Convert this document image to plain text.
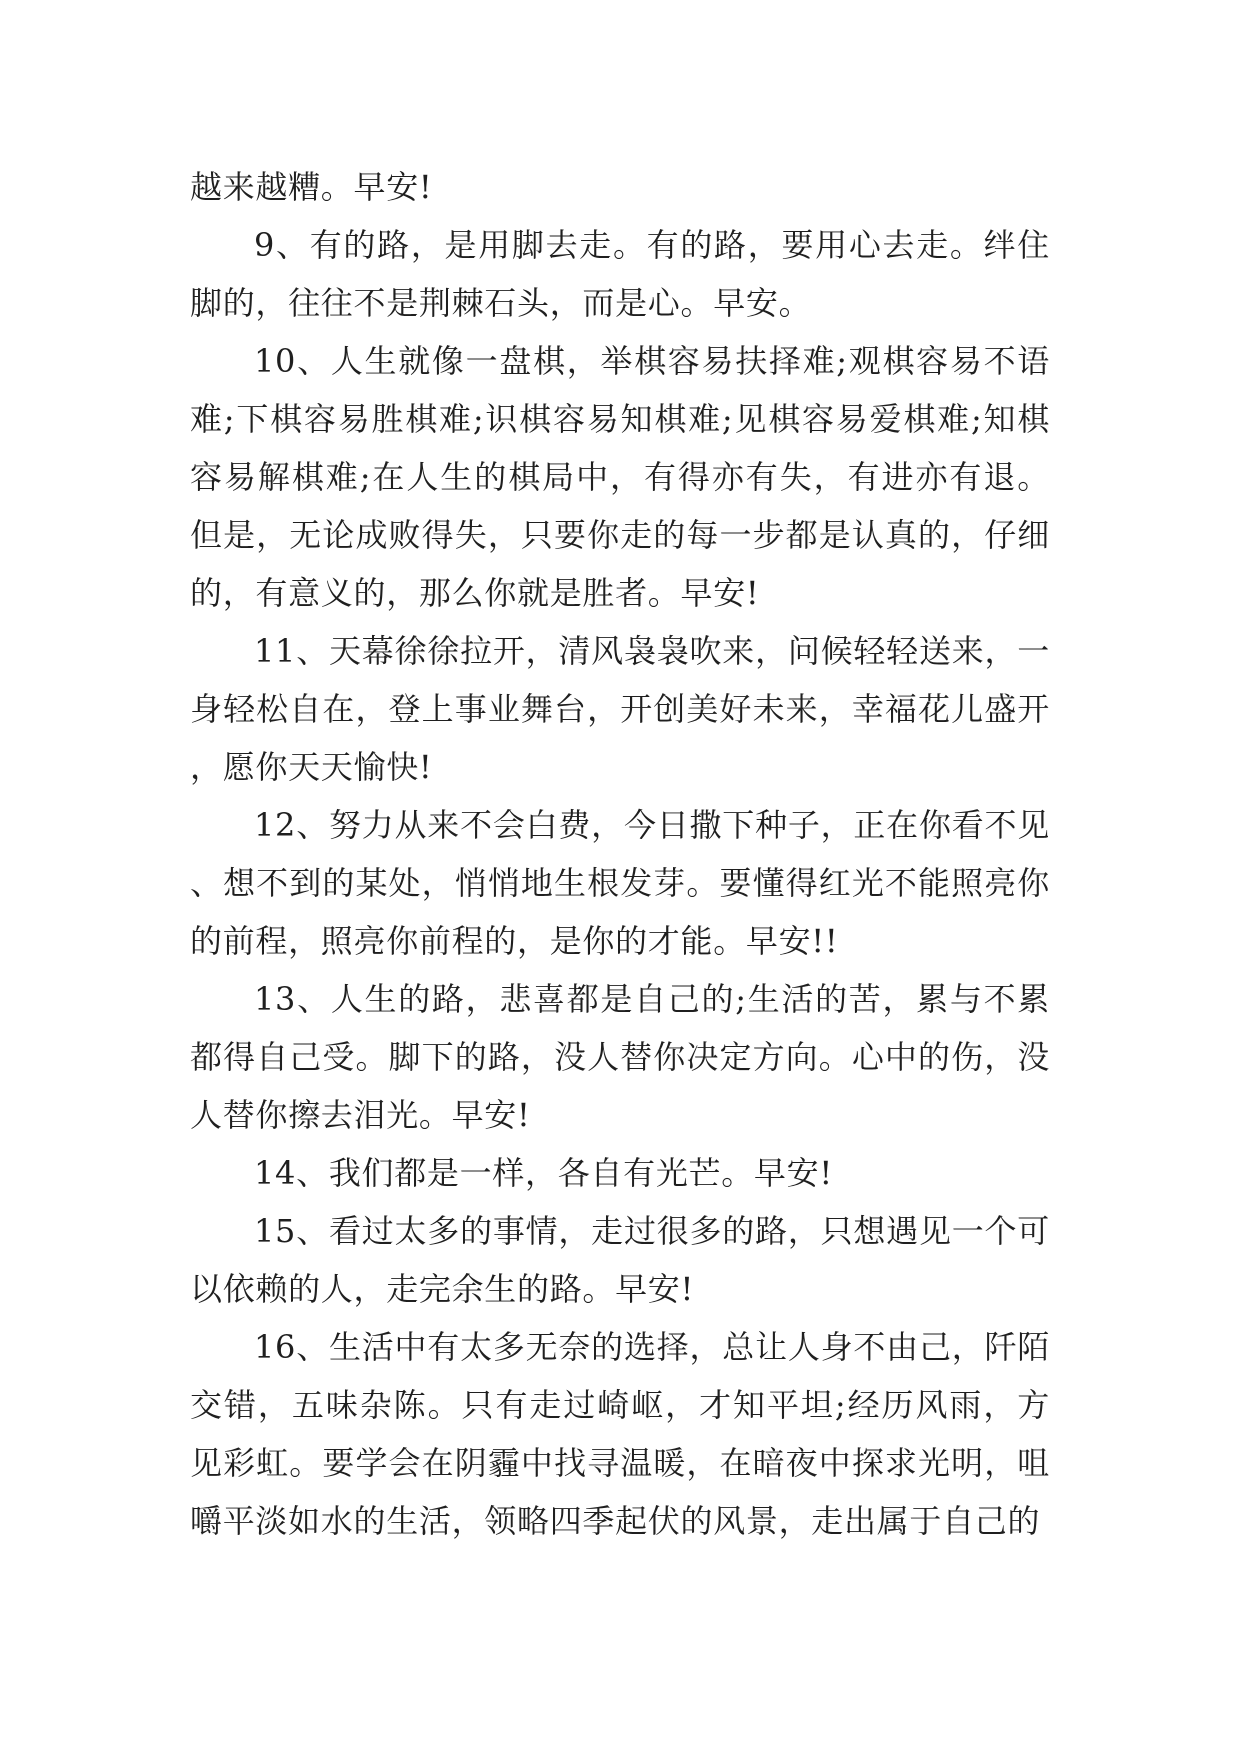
越来越糟。早安!

9、有的路，是用脚去走。有的路，要用心去走。绊住脚的，往往不是荆棘石头，而是心。早安。

10、人生就像一盘棋，举棋容易扶择难;观棋容易不语难;下棋容易胜棋难;识棋容易知棋难;见棋容易爱棋难;知棋容易解棋难;在人生的棋局中，有得亦有失，有进亦有退。但是，无论成败得失，只要你走的每一步都是认真的，仔细的，有意义的，那么你就是胜者。早安!

11、天幕徐徐拉开，清风袅袅吹来，问候轻轻送来，一身轻松自在，登上事业舞台，开创美好未来，幸福花儿盛开，愿你天天愉快!

12、努力从来不会白费，今日撒下种子，正在你看不见、想不到的某处，悄悄地生根发芽。要懂得红光不能照亮你的前程，照亮你前程的，是你的才能。早安!!

13、人生的路，悲喜都是自己的;生活的苦，累与不累都得自己受。脚下的路，没人替你决定方向。心中的伤，没人替你擦去泪光。早安!

14、我们都是一样，各自有光芒。早安!

15、看过太多的事情，走过很多的路，只想遇见一个可以依赖的人，走完余生的路。早安!

16、生活中有太多无奈的选择，总让人身不由己，阡陌交错，五味杂陈。只有走过崎岖，才知平坦;经历风雨，方见彩虹。要学会在阴霾中找寻温暖，在暗夜中探求光明，咀嚼平淡如水的生活，领略四季起伏的风景，走出属于自己的
